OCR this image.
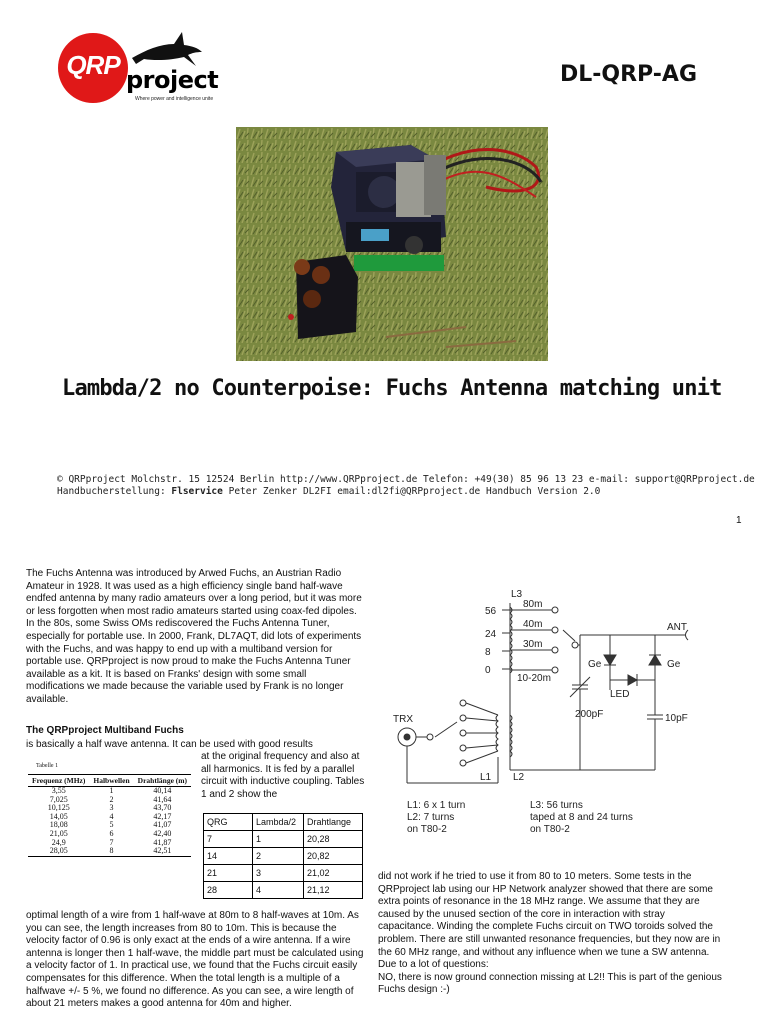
QRP project
Where power and intelligence unite
DL-QRP-AG
Lambda/2 no Counterpoise: Fuchs Antenna matching unit
© QRPproject Molchstr. 15 12524 Berlin http://www.QRPproject.de Telefon: +49(30) 85 96 13 23 e-mail: support@QRPproject.de
Handbucherstellung: Flservice Peter Zenker DL2FI email:dl2fi@QRPproject.de Handbuch Version 2.0
1
The Fuchs Antenna was introduced by Arwed Fuchs, an Austrian Radio Amateur in 1928. It was used as a high efficiency single band half-wave endfed antenna by many radio amateurs over a long period, but it was more or less forgotten when most radio amateurs started using coax-fed dipoles. In the 80s, some Swiss OMs rediscovered the Fuchs Antenna Tuner, especially for portable use. In 2000, Frank, DL7AQT, did lots of experiments with the Fuchs, and was happy to end up with a multiband version for portable use. QRPproject is now proud to make the Fuchs Antenna Tuner available as a kit. It is based on Franks' design with some small modifications we made because the variable used by Frank is no longer available.
The QRPproject Multiband Fuchs
is basically a half wave antenna. It can be used with good results
at the original frequency and also at all harmonics. It is fed by a parallel circuit with inductive coupling. Tables 1 and 2 show the
optimal length of a wire from 1 half-wave at 80m to 8 half-waves at 10m. As you can see, the length increases from 80 to 10m. This is because the velocity factor of 0.96 is only exact at the ends of a wire antenna. If a wire antenna is longer then 1 half-wave, the middle part must be calculated using a velocity factor of 1. In practical use, we found that the Fuchs circuit easily compensates for this difference. When the total length is a multiple of a halfwave +/- 5 %, we found no difference. As you can see, a wire length of about 21 meters makes a good antenna for 40m and higher.
did not work if he tried to use it from 80 to 10 meters. Some tests in the QRPproject lab using our HP Network analyzer showed that there are some extra points of resonance in the 18 MHz range. We assume that they are caused by the unused section of the core in interaction with stray capacitance. Winding the complete Fuchs circuit on TWO toroids solved the problem. There are still unwanted resonance frequencies, but they now are in the 60 MHz range, and without any influence when we tune a SW antenna.
Due to a lot of questions:
NO, there is now ground connection missing at L2!! This is part of the genious Fuchs design :-)
Tabelle 1
Frequenz (MHz)	Halbwellen	Drahtlänge (m)
3,55	1	40,14
7,025	2	41,64
10,125	3	43,70
14,05	4	42,17
18,08	5	41,07
21,05	6	42,40
24,9	7	41,87
28,05	8	42,51
QRG	Lambda/2	Drahtlange
7	1	20,28
14	2	20,82
21	3	21,02
28	4	21,12
L3
56
24
8
0
80m
40m
30m
10-20m
ANT
Ge	Ge
LED
200pF	10pF
TRX
L1 L2
L1: 6 x 1 turn
L2: 7 turns
on T80-2
L3: 56 turns
taped at 8 and 24 turns
on T80-2
